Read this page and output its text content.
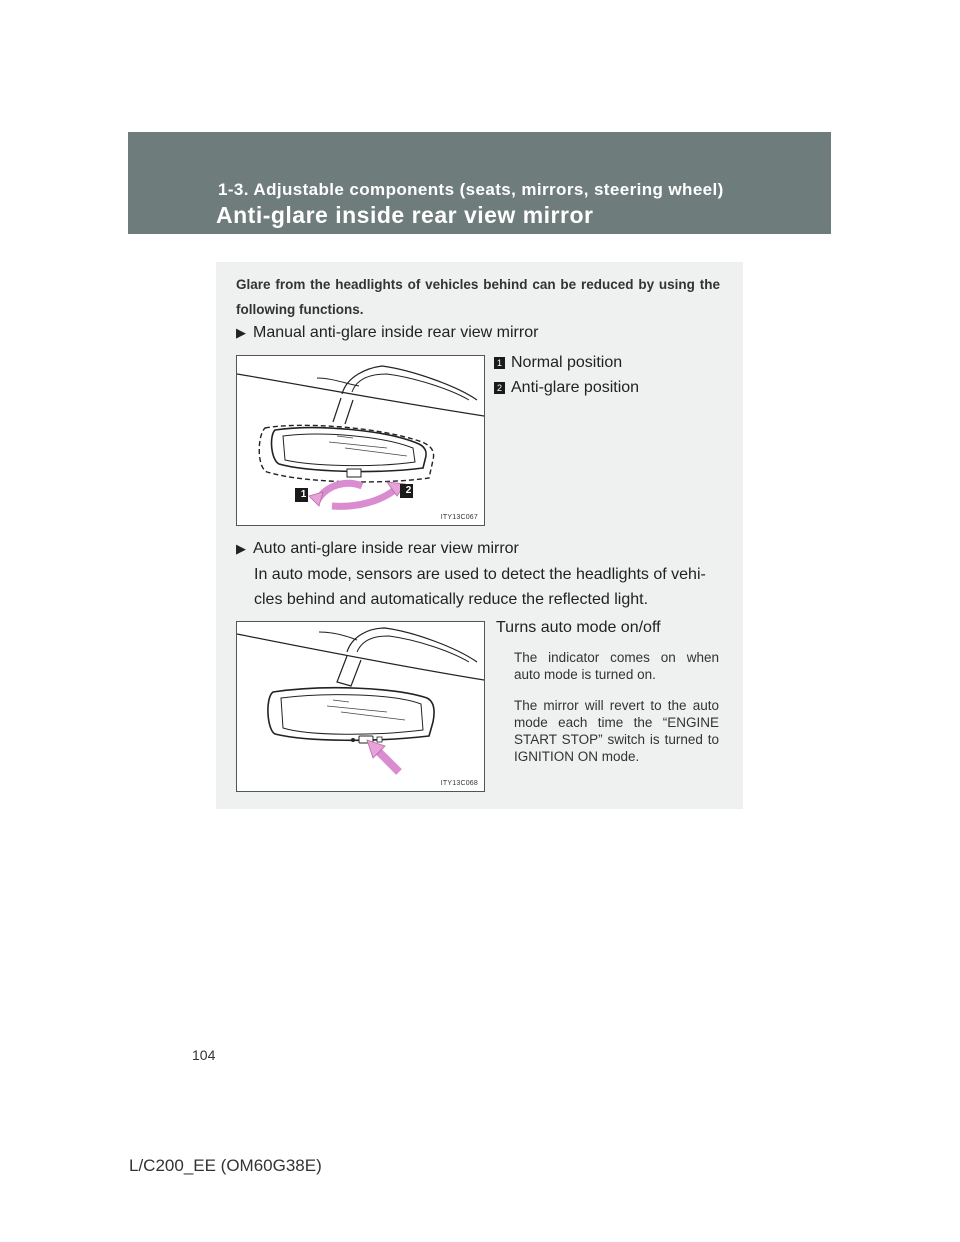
1-3. Adjustable components (seats, mirrors, steering wheel)
Anti-glare inside rear view mirror
Glare from the headlights of vehicles behind can be reduced by using the following functions.
▶ Manual anti-glare inside rear view mirror
1 Normal position
2 Anti-glare position
1	2
ITY13C067
▶ Auto anti-glare inside rear view mirror
In auto mode, sensors are used to detect the headlights of vehi-
cles behind and automatically reduce the reflected light.
ITY13C068
Turns auto mode on/off
The indicator comes on when auto mode is turned on.
The mirror will revert to the auto mode each time the “ENGINE START STOP” switch is turned to IGNITION ON mode.
104
L/C200_EE (OM60G38E)
